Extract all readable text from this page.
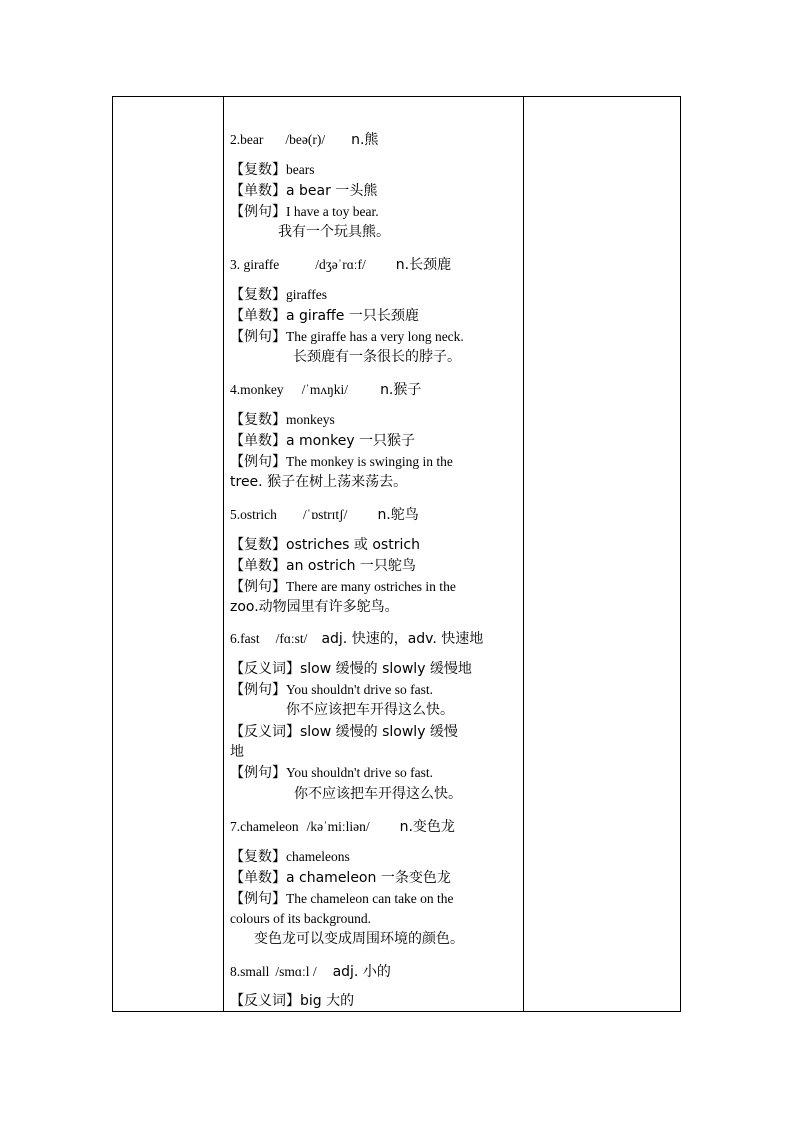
2.bear /beə(r)/ n.熊
【复数】bears
【单数】a bear 一头熊
【例句】I have a toy bear.
我有一个玩具熊。
3. giraffe	/dʒəˈrɑːf/ n.长颈鹿
【复数】giraffes
【单数】a giraffe 一只长颈鹿
【例句】The giraffe has a very long neck.
长颈鹿有一条很长的脖子。
4.monkey /ˈmʌŋki/ n.猴子
【复数】monkeys
【单数】a monkey 一只猴子
【例句】The monkey is swinging in the
tree. 猴子在树上荡来荡去。
5.ostrich /ˈɒstrɪtʃ/ n.鸵鸟
【复数】ostriches 或 ostrich
【单数】an ostrich 一只鸵鸟
【例句】There are many ostriches in the
zoo.动物园里有许多鸵鸟。
6.fast /fɑːst/ adj. 快速的，adv. 快速地
【反义词】slow 缓慢的 slowly 缓慢地
【例句】You shouldn't drive so fast.
你不应该把车开得这么快。
【反义词】slow 缓慢的 slowly 缓慢
地
【例句】You shouldn't drive so fast.
你不应该把车开得这么快。
7.chameleon /kəˈmiːliən/ n.变色龙
【复数】chameleons
【单数】a chameleon 一条变色龙
【例句】The chameleon can take on the
colours of its background.
变色龙可以变成周围环境的颜色。
8.small /smɑːl / adj. 小的
【反义词】big 大的
